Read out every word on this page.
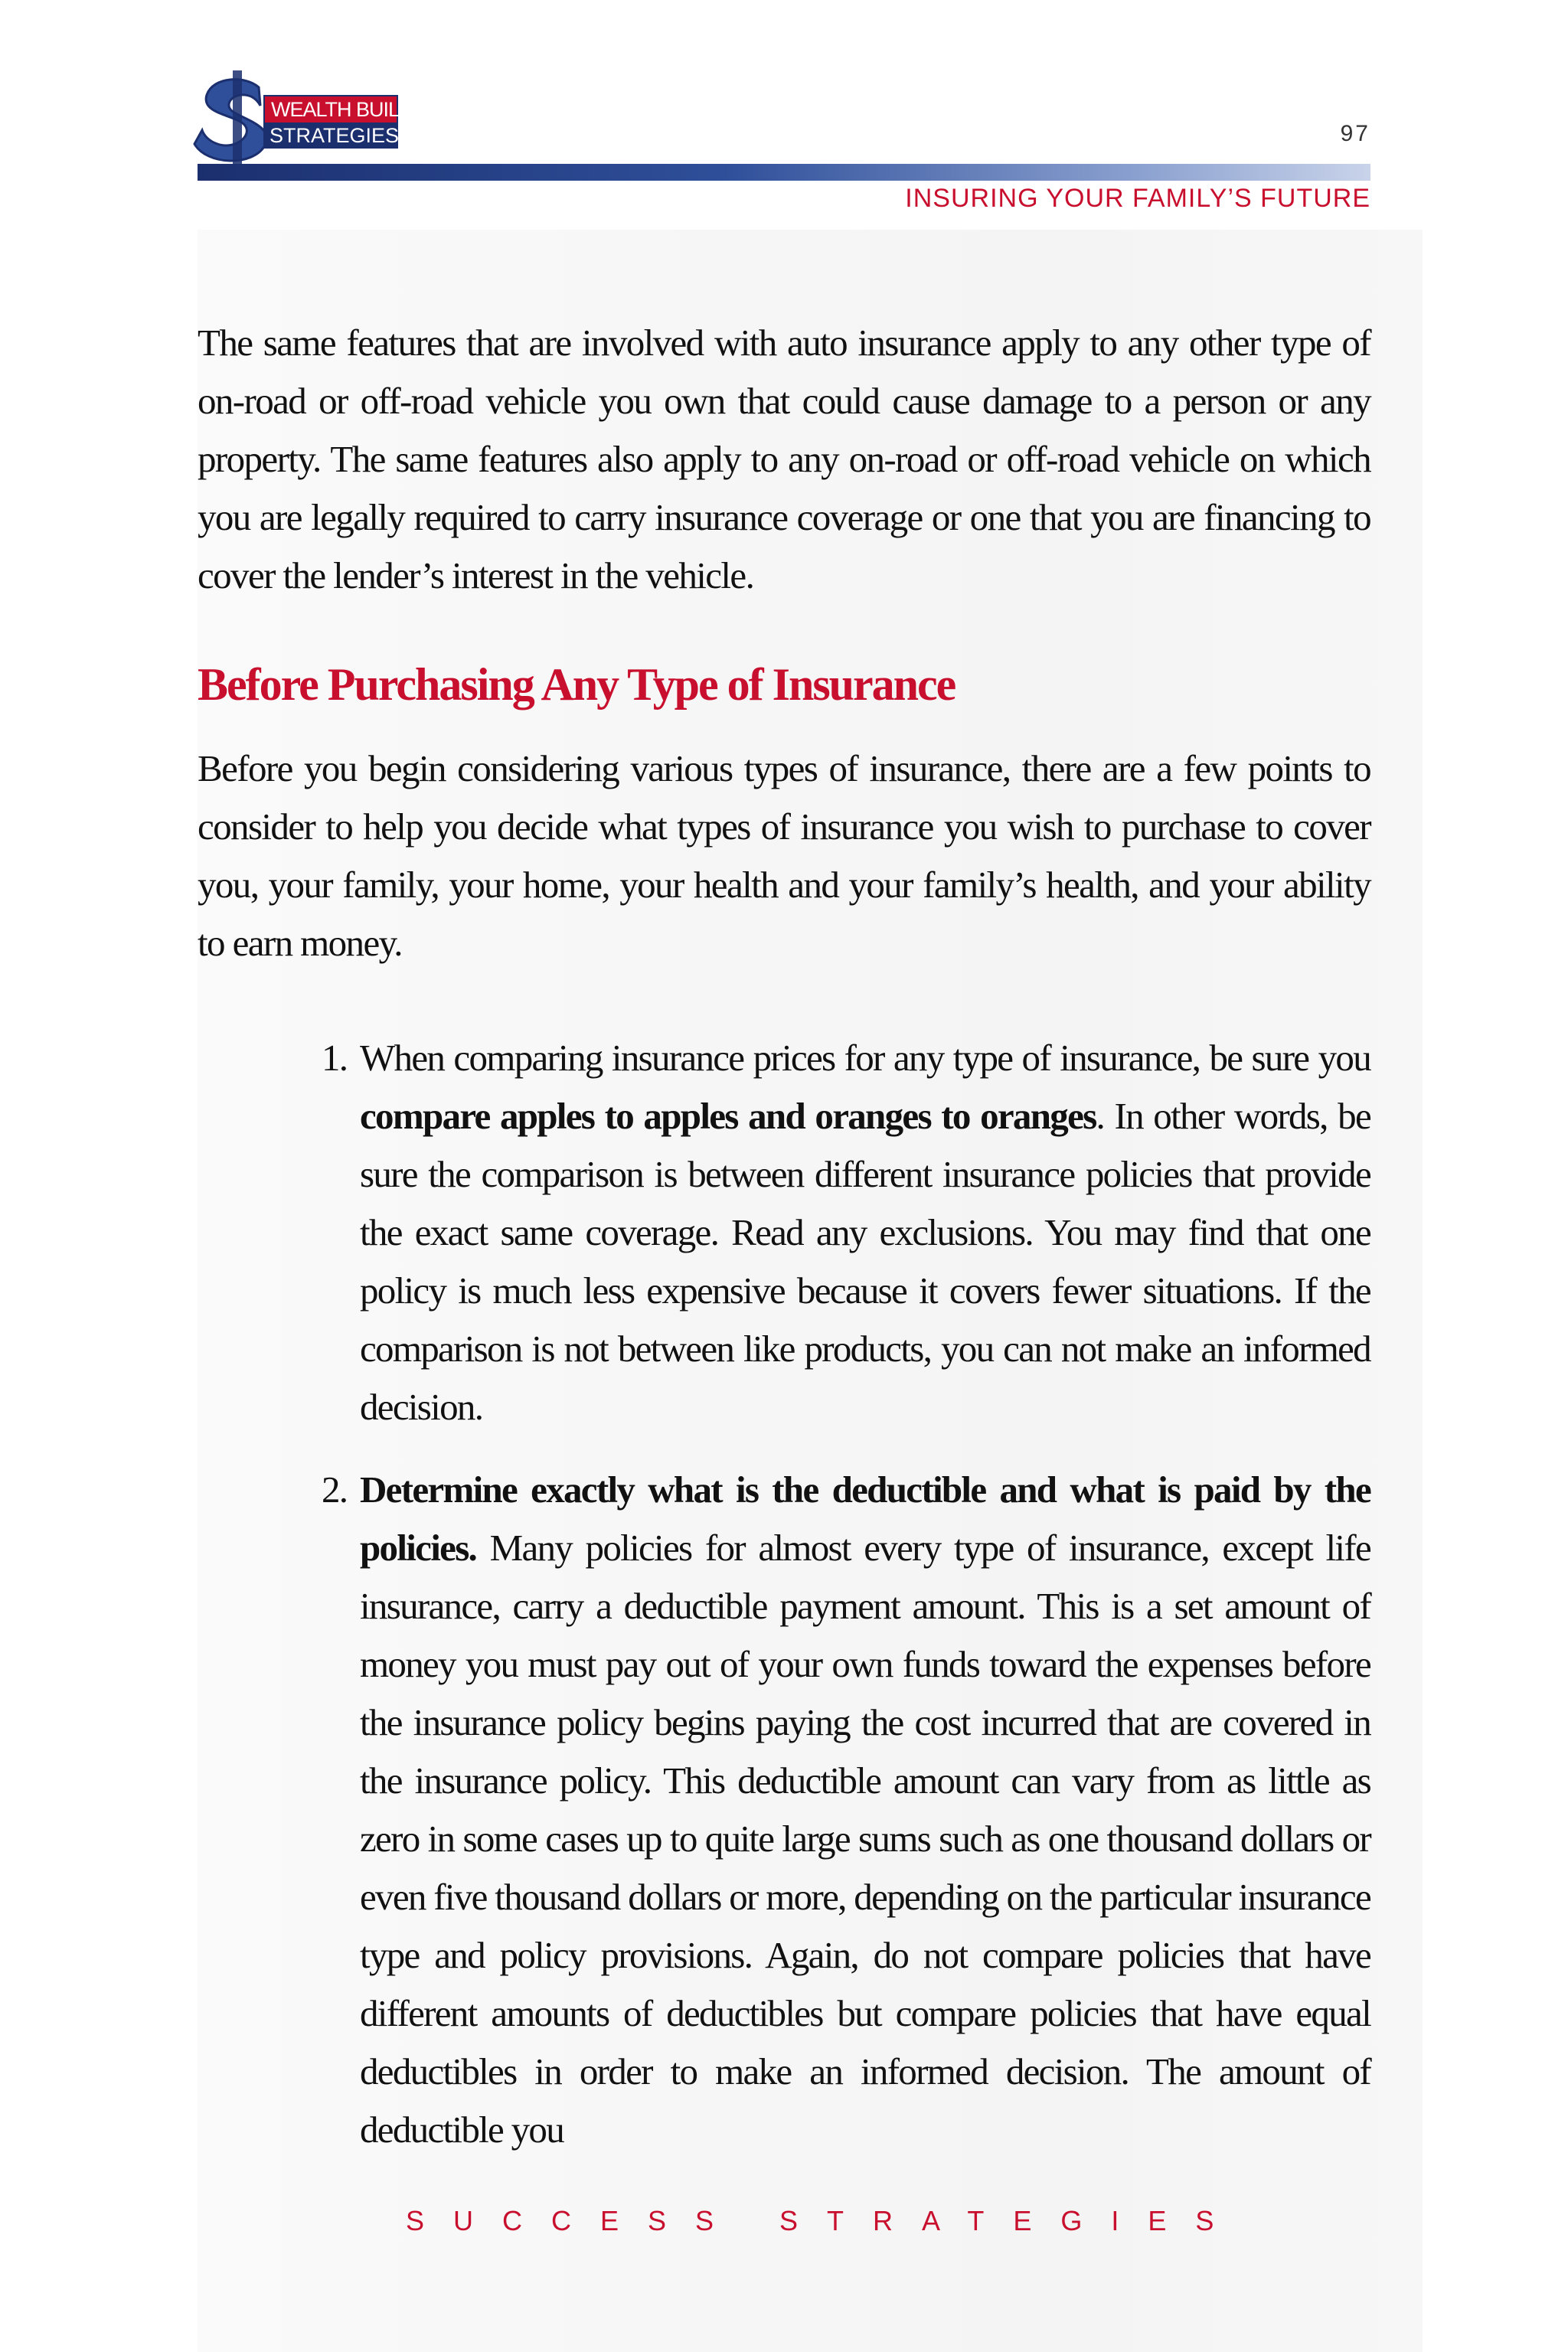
WEALTH BUILDING
STRATEGIES	97
INSURING YOUR FAMILY’S FUTURE

The same features that are involved with auto insurance apply to any other type of on-road or off-road vehicle you own that could cause damage to a person or any property. The same features also apply to any on-road or off-road vehicle on which you are legally required to carry insurance coverage or one that you are financing to cover the lender’s interest in the vehicle.

Before Purchasing Any Type of Insurance

Before you begin considering various types of insurance, there are a few points to consider to help you decide what types of insurance you wish to purchase to cover you, your family, your home, your health and your family’s health, and your ability to earn money.

1. When comparing insurance prices for any type of insurance, be sure you compare apples to apples and oranges to oranges. In other words, be sure the comparison is between different insurance policies that provide the exact same coverage. Read any exclusions. You may find that one policy is much less expensive because it covers fewer situations. If the comparison is not between like products, you can not make an informed decision.
2. Determine exactly what is the deductible and what is paid by the policies. Many policies for almost every type of insurance, except life insurance, carry a deductible payment amount. This is a set amount of money you must pay out of your own funds toward the expenses before the insurance policy begins paying the cost incurred that are covered in the insurance policy. This deductible amount can vary from as little as zero in some cases up to quite large sums such as one thousand dollars or even five thousand dollars or more, depending on the particular insurance type and policy provisions. Again, do not compare policies that have different amounts of deductibles but compare policies that have equal deductibles in order to make an informed decision. The amount of deductible you
SUCCESS STRATEGIES
